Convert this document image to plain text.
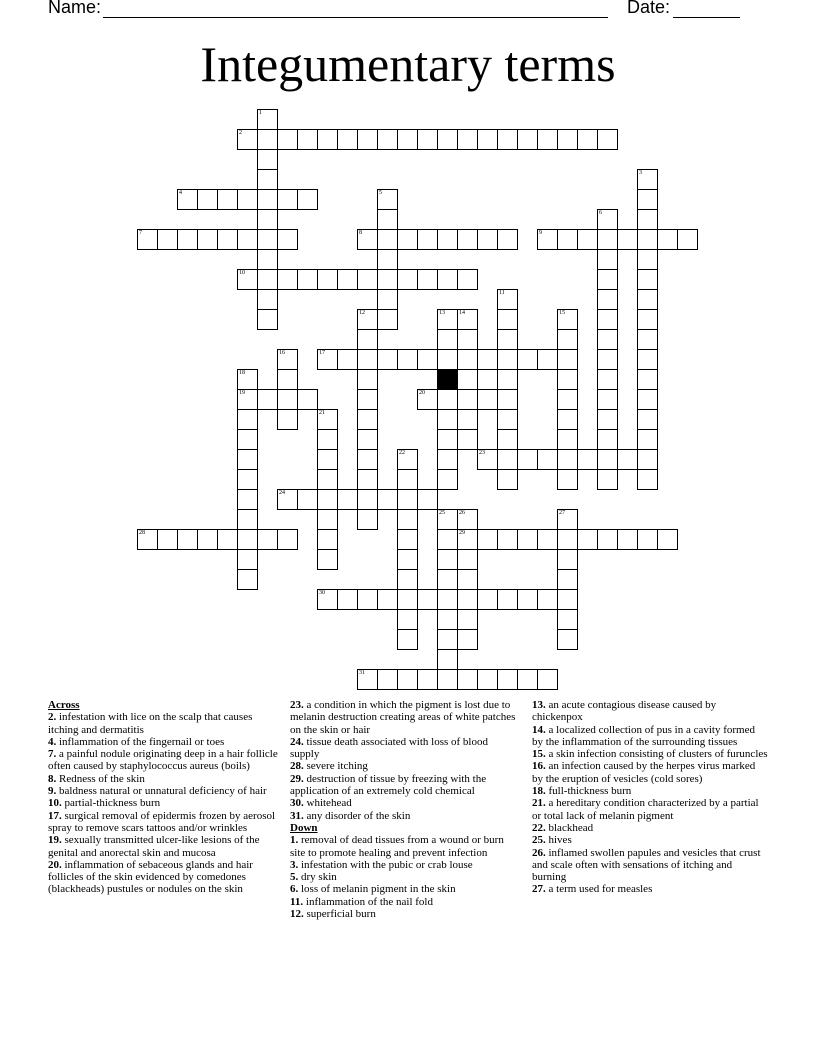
Name:	Date:
Integumentary terms
1
2
3
4	5
6
7	8	9
10
11
12	13 14	15
16	17
18
19	20
21
22	23
24
25 26
29
27
28
30
31
Across
2. infestation with lice on the scalp that causes itching and dermatitis
4. inflammation of the fingernail or toes
7. a painful nodule originating deep in a hair follicle often caused by staphylococcus aureus (boils)
8. Redness of the skin
9. baldness natural or unnatural deficiency of hair
10. partial-thickness burn
17. surgical removal of epidermis frozen by aerosol spray to remove scars tattoos and/or wrinkles
19. sexually transmitted ulcer-like lesions of the genital and anorectal skin and mucosa
20. inflammation of sebaceous glands and hair follicles of the skin evidenced by comedones (blackheads) pustules or nodules on the skin
23. a condition in which the pigment is lost due to melanin destruction creating areas of white patches on the skin or hair
24. tissue death associated with loss of blood supply
28. severe itching
29. destruction of tissue by freezing with the application of an extremely cold chemical
30. whitehead
31. any disorder of the skin
Down
1. removal of dead tissues from a wound or burn site to promote healing and prevent infection
3. infestation with the pubic or crab louse
5. dry skin
6. loss of melanin pigment in the skin
11. inflammation of the nail fold
12. superficial burn
13. an acute contagious disease caused by chickenpox
14. a localized collection of pus in a cavity formed by the inflammation of the surrounding tissues
15. a skin infection consisting of clusters of furuncles
16. an infection caused by the herpes virus marked by the eruption of vesicles (cold sores)
18. full-thickness burn
21. a hereditary condition characterized by a partial or total lack of melanin pigment
22. blackhead
25. hives
26. inflamed swollen papules and vesicles that crust and scale often with sensations of itching and burning
27. a term used for measles
